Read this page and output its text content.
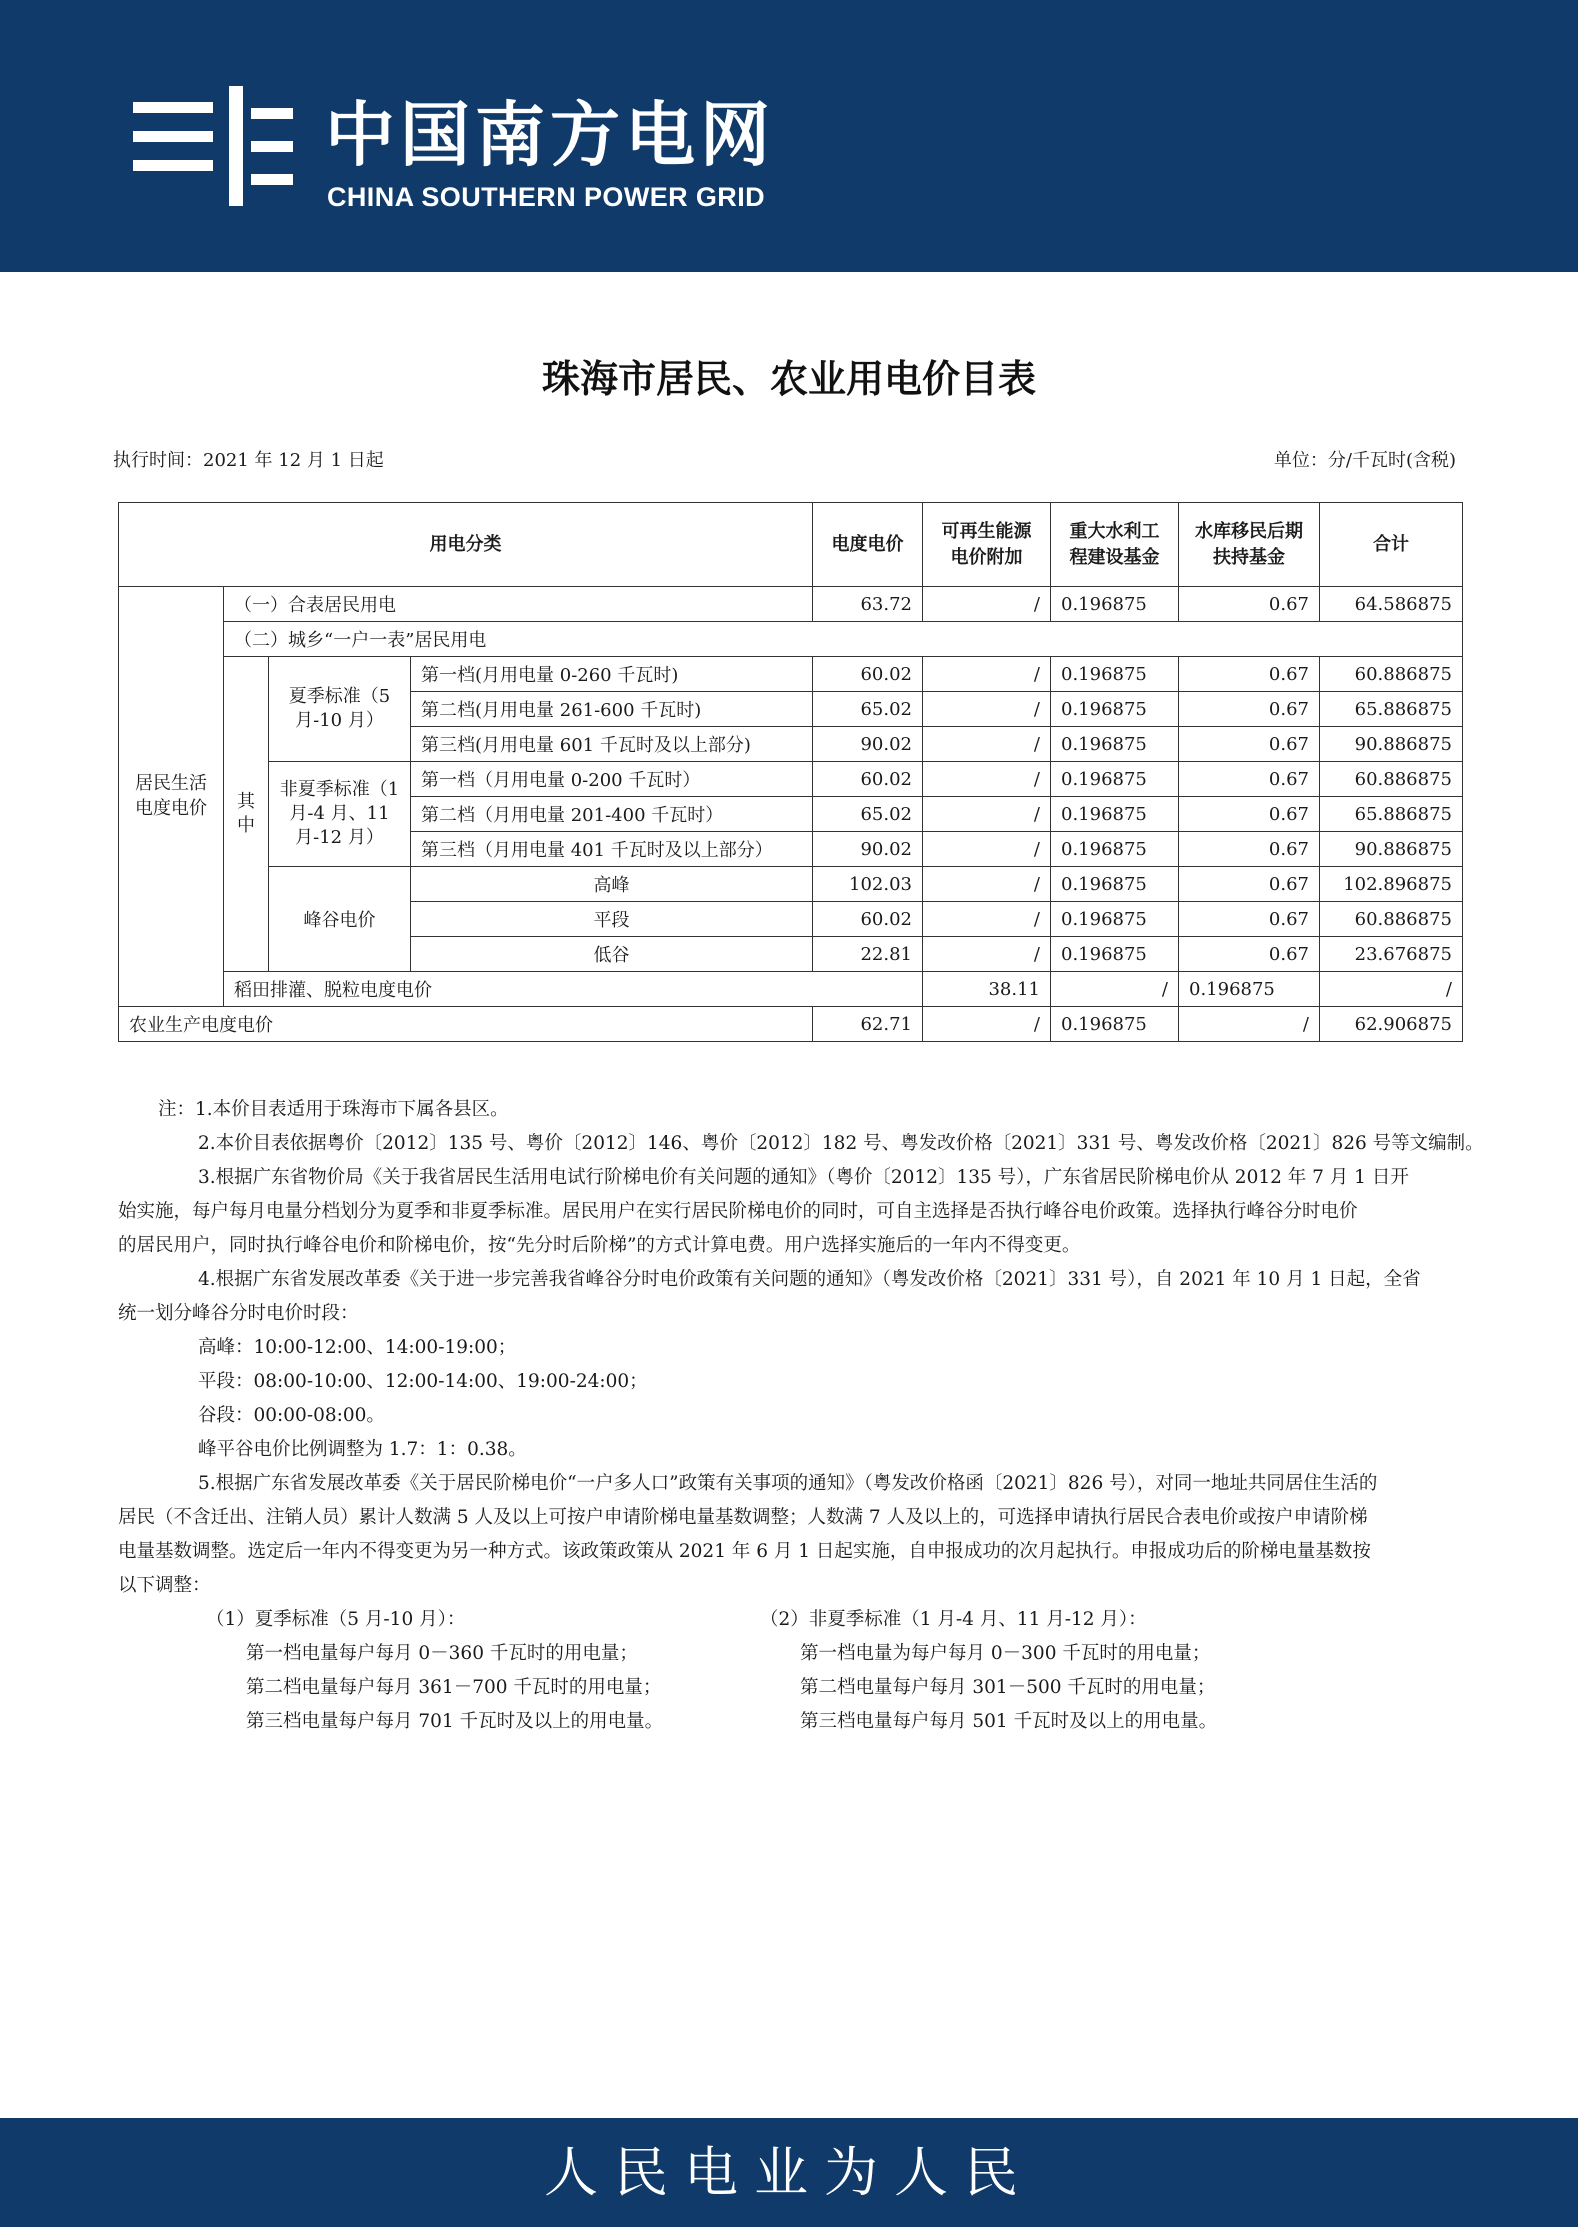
中国南方电网
CHINA SOUTHERN POWER GRID
珠海市居民、农业用电价目表
执行时间：2021 年 12 月 1 日起	单位：分/千瓦时(含税)
用电分类				电度电价	可再生能源电价附加	重大水利工程建设基金	水库移民后期扶持基金	合计	
居民生活电度电价	（一）合表居民用电			63.72	/	0.196875	0.67	64.586875	
	（二）城乡“一户一表”居民用电								
	其中	夏季标准（5 月-10 月）	第一档(月用电量 0-260 千瓦时)	60.02	/	0.196875	0.67	60.886875	
			第二档(月用电量 261-600 千瓦时)	65.02	/	0.196875	0.67	65.886875	
			第三档(月用电量 601 千瓦时及以上部分)	90.02	/	0.196875	0.67	90.886875	
		非夏季标准（1 月-4 月、11 月-12 月）	第一档（月用电量 0-200 千瓦时）	60.02	/	0.196875	0.67	60.886875	
			第二档（月用电量 201-400 千瓦时）	65.02	/	0.196875	0.67	65.886875	
			第三档（月用电量 401 千瓦时及以上部分）	90.02	/	0.196875	0.67	90.886875	
		峰谷电价	高峰	102.03	/	0.196875	0.67	102.896875	
			平段	60.02	/	0.196875	0.67	60.886875	
			低谷	22.81	/	0.196875	0.67	23.676875	
	稻田排灌、脱粒电度电价				38.11	/	0.196875	/	
农业生产电度电价				62.71	/	0.196875	/	62.906875	

注：1.本价目表适用于珠海市下属各县区。

2.本价目表依据粤价〔2012〕135 号、粤价〔2012〕146、粤价〔2012〕182 号、粤发改价格〔2021〕331 号、粤发改价格〔2021〕826 号等文编制。

3.根据广东省物价局《关于我省居民生活用电试行阶梯电价有关问题的通知》（粤价〔2012〕135 号），广东省居民阶梯电价从 2012 年 7 月 1 日开

始实施，每户每月电量分档划分为夏季和非夏季标准。居民用户在实行居民阶梯电价的同时，可自主选择是否执行峰谷电价政策。选择执行峰谷分时电价

的居民用户，同时执行峰谷电价和阶梯电价，按“先分时后阶梯”的方式计算电费。用户选择实施后的一年内不得变更。

4.根据广东省发展改革委《关于进一步完善我省峰谷分时电价政策有关问题的通知》（粤发改价格〔2021〕331 号），自 2021 年 10 月 1 日起，全省

统一划分峰谷分时电价时段：

高峰：10:00-12:00、14:00-19:00；

平段：08:00-10:00、12:00-14:00、19:00-24:00；

谷段：00:00-08:00。

峰平谷电价比例调整为 1.7：1：0.38。

5.根据广东省发展改革委《关于居民阶梯电价“一户多人口”政策有关事项的通知》（粤发改价格函〔2021〕826 号），对同一地址共同居住生活的

居民（不含迁出、注销人员）累计人数满 5 人及以上可按户申请阶梯电量基数调整；人数满 7 人及以上的，可选择申请执行居民合表电价或按户申请阶梯

电量基数调整。选定后一年内不得变更为另一种方式。该政策政策从 2021 年 6 月 1 日起实施，自申报成功的次月起执行。申报成功后的阶梯电量基数按

以下调整：

（1）夏季标准（5 月-10 月）：

第一档电量每户每月 0－360 千瓦时的用电量；

第二档电量每户每月 361－700 千瓦时的用电量；

第三档电量每户每月 701 千瓦时及以上的用电量。

（2）非夏季标准（1 月-4 月、11 月-12 月）：

第一档电量为每户每月 0－300 千瓦时的用电量；

第二档电量每户每月 301－500 千瓦时的用电量；

第三档电量每户每月 501 千瓦时及以上的用电量。

人民电业为人民
